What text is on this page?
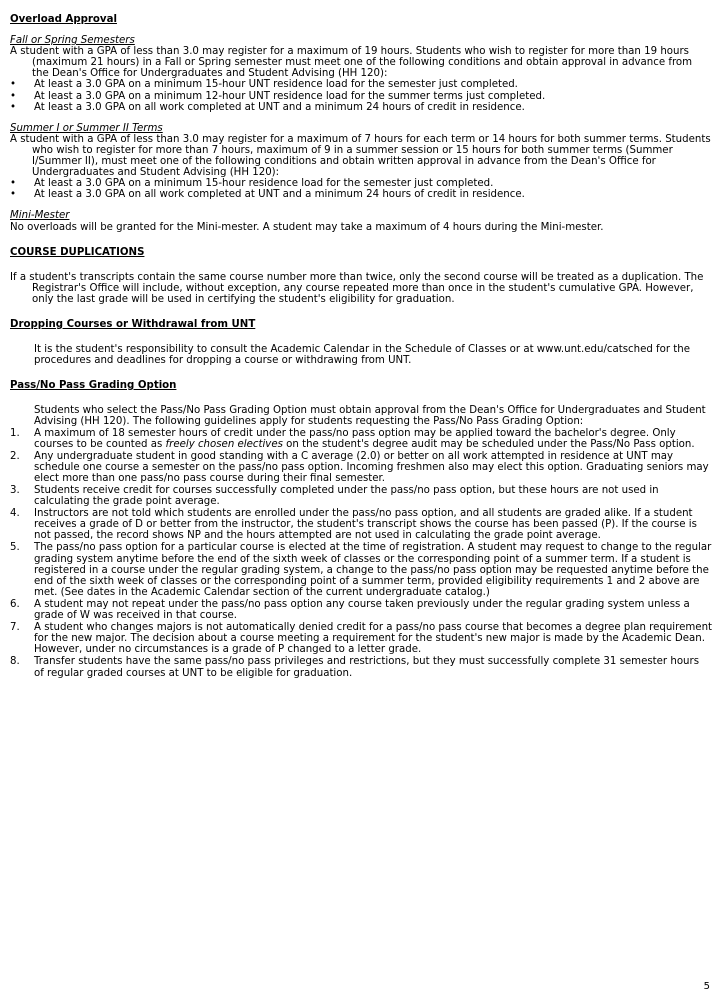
Overload Approval

Fall or Spring Semesters

A student with a GPA of less than 3.0 may register for a maximum of 19 hours. Students who wish to register for more than 19 hours (maximum 21 hours) in a Fall or Spring semester must meet one of the following conditions and obtain approval in advance from the Dean's Office for Undergraduates and Student Advising (HH 120):

• At least a 3.0 GPA on a minimum 15-hour UNT residence load for the semester just completed.
• At least a 3.0 GPA on a minimum 12-hour UNT residence load for the summer terms just completed.
• At least a 3.0 GPA on all work completed at UNT and a minimum 24 hours of credit in residence.

Summer I or Summer II Terms

A student with a GPA of less than 3.0 may register for a maximum of 7 hours for each term or 14 hours for both summer terms. Students who wish to register for more than 7 hours, maximum of 9 in a summer session or 15 hours for both summer terms (Summer I/Summer II), must meet one of the following conditions and obtain written approval in advance from the Dean's Office for Undergraduates and Student Advising (HH 120):

• At least a 3.0 GPA on a minimum 15-hour residence load for the semester just completed.
• At least a 3.0 GPA on all work completed at UNT and a minimum 24 hours of credit in residence.

Mini-Mester

No overloads will be granted for the Mini-mester. A student may take a maximum of 4 hours during the Mini-mester.

COURSE DUPLICATIONS

If a student's transcripts contain the same course number more than twice, only the second course will be treated as a duplication. The Registrar's Office will include, without exception, any course repeated more than once in the student's cumulative GPA. However, only the last grade will be used in certifying the student's eligibility for graduation.

Dropping Courses or Withdrawal from UNT

It is the student's responsibility to consult the Academic Calendar in the Schedule of Classes or at www.unt.edu/catsched for the procedures and deadlines for dropping a course or withdrawing from UNT.

Pass/No Pass Grading Option

Students who select the Pass/No Pass Grading Option must obtain approval from the Dean's Office for Undergraduates and Student Advising (HH 120). The following guidelines apply for students requesting the Pass/No Pass Grading Option:

1. A maximum of 18 semester hours of credit under the pass/no pass option may be applied toward the bachelor's degree. Only courses to be counted as freely chosen electives on the student's degree audit may be scheduled under the Pass/No Pass option.
2. Any undergraduate student in good standing with a C average (2.0) or better on all work attempted in residence at UNT may schedule one course a semester on the pass/no pass option. Incoming freshmen also may elect this option. Graduating seniors may elect more than one pass/no pass course during their final semester.
3. Students receive credit for courses successfully completed under the pass/no pass option, but these hours are not used in calculating the grade point average.
4. Instructors are not told which students are enrolled under the pass/no pass option, and all students are graded alike. If a student receives a grade of D or better from the instructor, the student's transcript shows the course has been passed (P). If the course is not passed, the record shows NP and the hours attempted are not used in calculating the grade point average.
5. The pass/no pass option for a particular course is elected at the time of registration. A student may request to change to the regular grading system anytime before the end of the sixth week of classes or the corresponding point of a summer term. If a student is registered in a course under the regular grading system, a change to the pass/no pass option may be requested anytime before the end of the sixth week of classes or the corresponding point of a summer term, provided eligibility requirements 1 and 2 above are met. (See dates in the Academic Calendar section of the current undergraduate catalog.)
6. A student may not repeat under the pass/no pass option any course taken previously under the regular grading system unless a grade of W was received in that course.
7. A student who changes majors is not automatically denied credit for a pass/no pass course that becomes a degree plan requirement for the new major. The decision about a course meeting a requirement for the student's new major is made by the Academic Dean. However, under no circumstances is a grade of P changed to a letter grade.
8. Transfer students have the same pass/no pass privileges and restrictions, but they must successfully complete 31 semester hours of regular graded courses at UNT to be eligible for graduation.
5
